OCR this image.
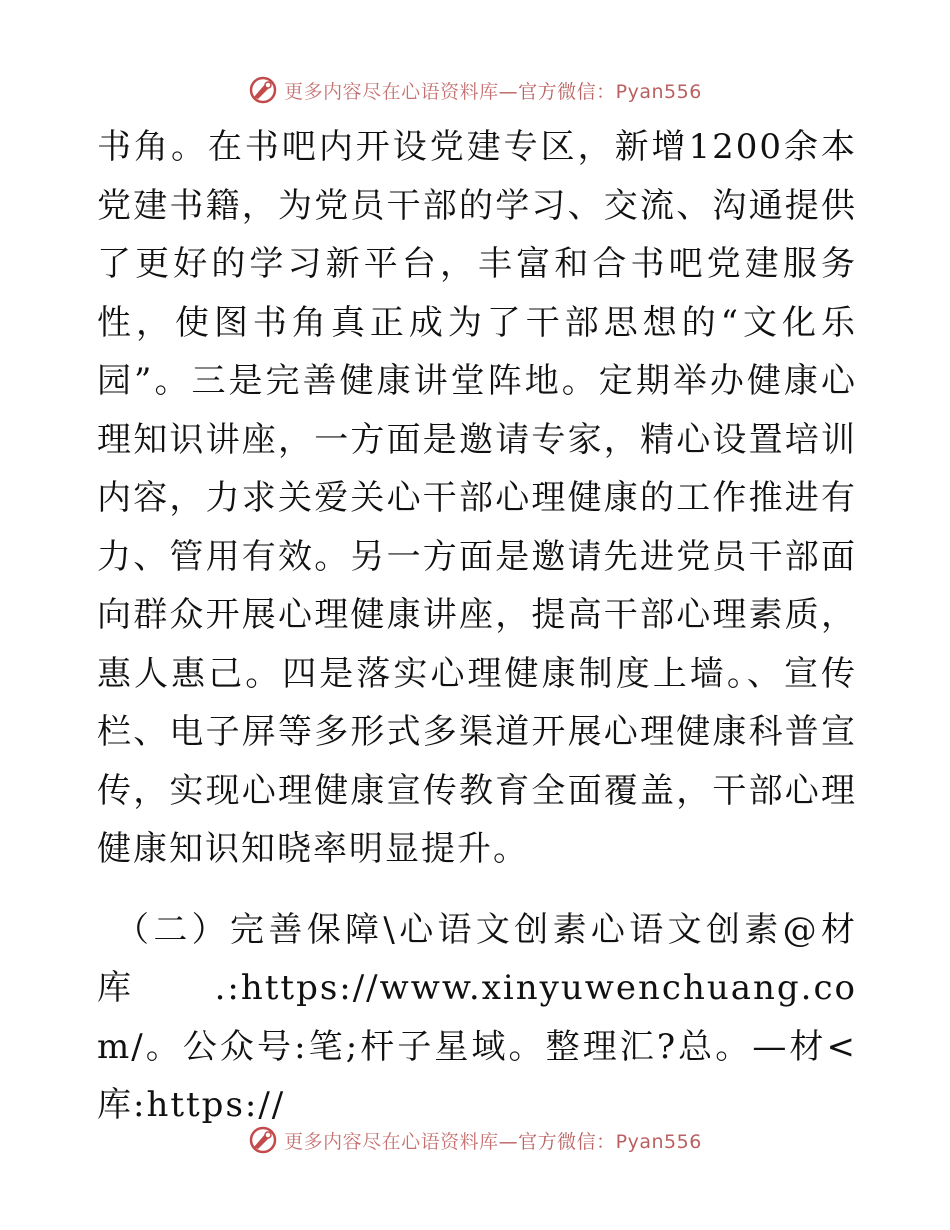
更多内容尽在心语资料库—官方微信：Pyan556

书角。在书吧内开设党建专区，新增1200余本党建书籍，为党员干部的学习、交流、沟通提供了更好的学习新平台，丰富和合书吧党建服务性，使图书角真正成为了干部思想的“文化乐园”。三是完善健康讲堂阵地。定期举办健康心理知识讲座，一方面是邀请专家，精心设置培训内容，力求关爱关心干部心理健康的工作推进有力、管用有效。另一方面是邀请先进党员干部面向群众开展心理健康讲座，提高干部心理素质，惠人惠己。四是落实心理健康制度上墙。、宣传栏、电子屏等多形式多渠道开展心理健康科普宣传，实现心理健康宣传教育全面覆盖，干部心理健康知识知晓率明显提升。

（二）完善保障\心语文创素心语文创素@材库.:https://www.xinyuwenchuang.com/。公众号:笔;杆子星域。整理汇?总。—材<库:https://

更多内容尽在心语资料库—官方微信：Pyan556
